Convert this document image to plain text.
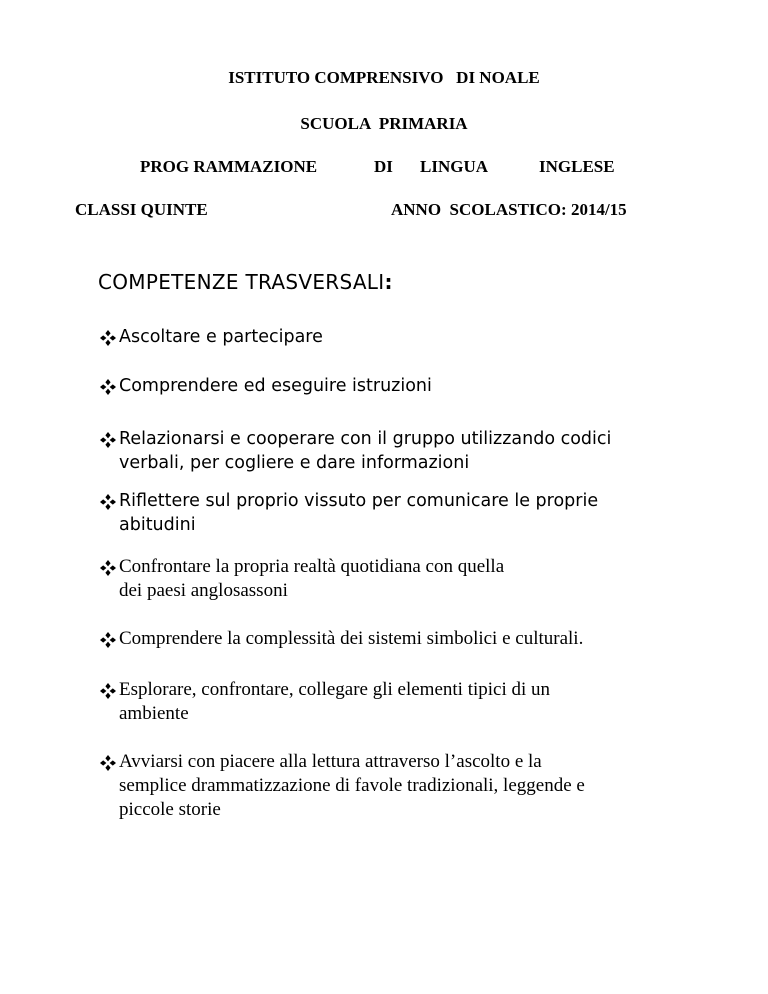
ISTITUTO COMPRENSIVO   DI NOALE
SCUOLA  PRIMARIA
PROG RAMMAZIONE	DI LINGUA	INGLESE
CLASSI QUINTE	ANNO  SCOLASTICO: 2014/15
COMPETENZE TRASVERSALI:
Ascoltare e partecipare
Comprendere ed eseguire istruzioni
Relazionarsi e cooperare con il gruppo utilizzando codici
verbali, per cogliere e dare informazioni
Riflettere sul proprio vissuto per comunicare le proprie
abitudini
Confrontare la propria realtà quotidiana con quella
dei paesi anglosassoni
Comprendere la complessità dei sistemi simbolici e culturali.
Esplorare, confrontare, collegare gli elementi tipici di un
ambiente
Avviarsi con piacere alla lettura attraverso l’ascolto e la
semplice drammatizzazione di favole tradizionali, leggende e
piccole storie
